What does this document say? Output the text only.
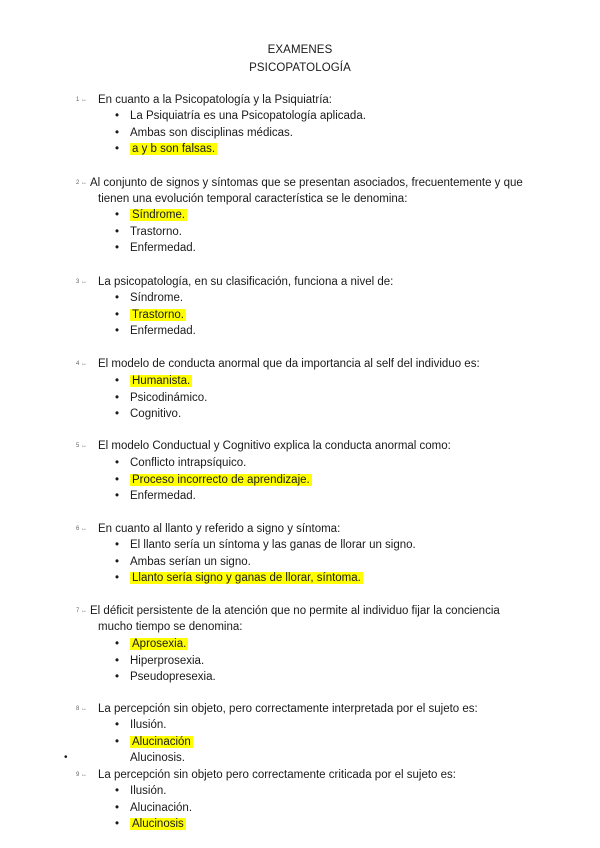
EXAMENES
PSICOPATOLOGÍA
1 ↔ En cuanto a la Psicopatología y la Psiquiatría:
• La Psiquiatría es una Psicopatología aplicada.
• Ambas son disciplinas médicas.
• a y b son falsas.
2 ↔ Al conjunto de signos y síntomas que se presentan asociados, frecuentemente y que
tienen una evolución temporal característica se le denomina:
• Síndrome.
• Trastorno.
• Enfermedad.
3 ↔ La psicopatología, en su clasificación, funciona a nivel de:
• Síndrome.
• Trastorno.
• Enfermedad.
4 ↔ El modelo de conducta anormal que da importancia al self del individuo es:
• Humanista.
• Psicodinámico.
• Cognitivo.
5 ↔ El modelo Conductual y Cognitivo explica la conducta anormal como:
• Conflicto intrapsíquico.
• Proceso incorrecto de aprendizaje.
• Enfermedad.
6 ↔ En cuanto al llanto y referido a signo y síntoma:
• El llanto sería un síntoma y las ganas de llorar un signo.
• Ambas serían un signo.
• Llanto sería signo y ganas de llorar, síntoma.
7 ↔ El déficit persistente de la atención que no permite al individuo fijar la conciencia
mucho tiempo se denomina:
• Aprosexia.
• Hiperprosexia.
• Pseudopresexia.
8 ↔ La percepción sin objeto, pero correctamente interpretada por el sujeto es:
• Ilusión.
• Alucinación
•	Alucinosis.
9 ↔ La percepción sin objeto pero correctamente criticada por el sujeto es:
• Ilusión.
• Alucinación.
• Alucinosis
